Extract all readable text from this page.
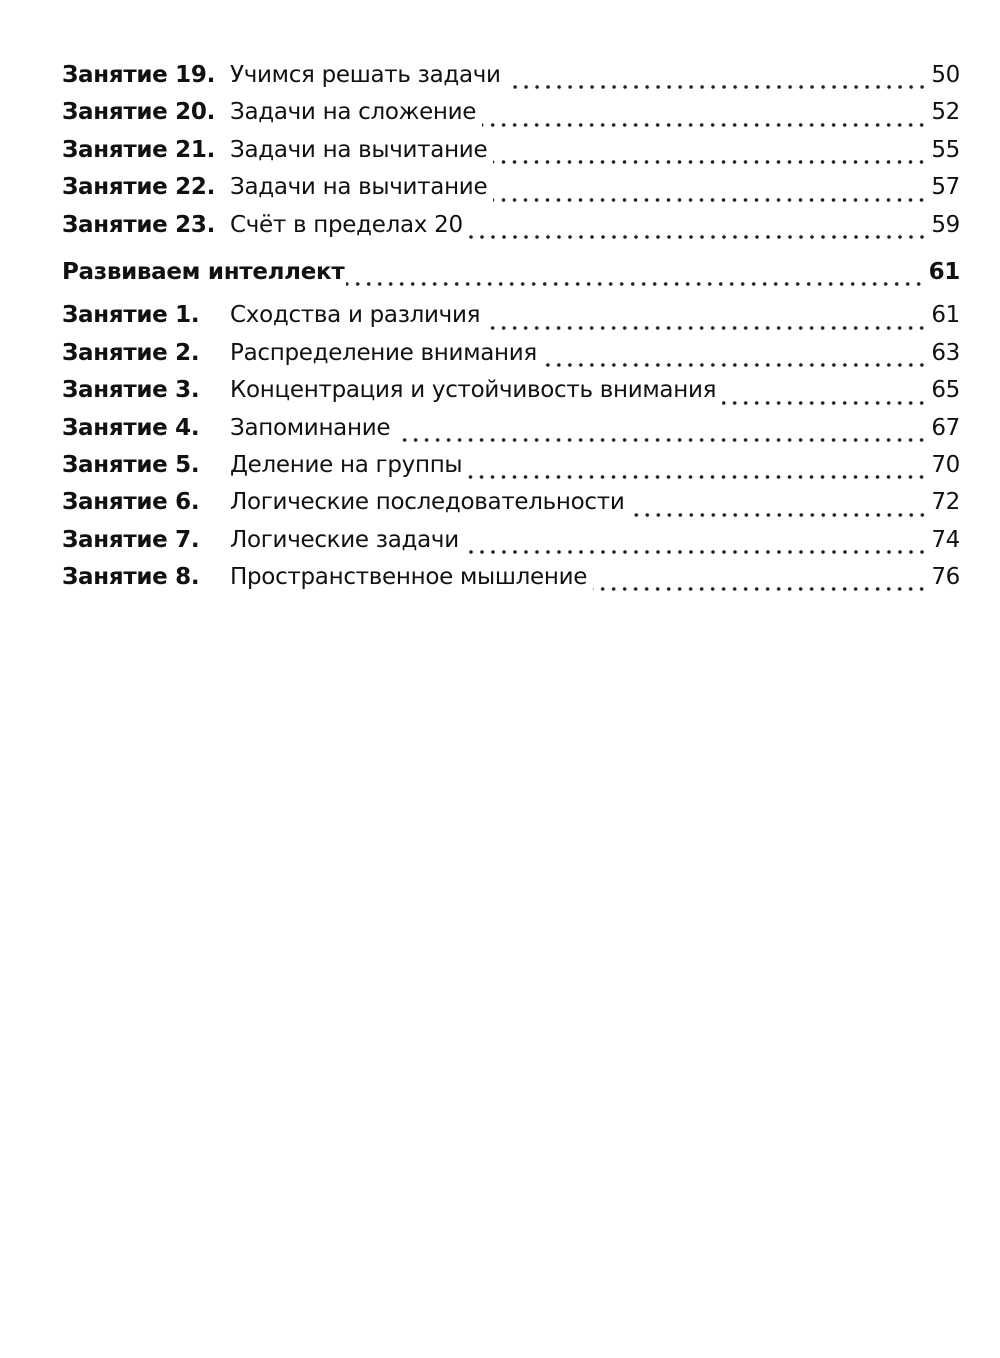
Занятие 19. Учимся решать задачи	50
Занятие 20. Задачи на сложение	52
Занятие 21. Задачи на вычитание	55
Занятие 22. Задачи на вычитание	57
Занятие 23. Счёт в пределах 20	59
Развиваем интеллект	61
Занятие 1.	Сходства и различия	61
Занятие 2.	Распределение внимания	63
Занятие 3.	Концентрация и устойчивость внимания	65
Занятие 4.	Запоминание	67
Занятие 5.	Деление на группы	70
Занятие 6.	Логические последовательности	72
Занятие 7.	Логические задачи	74
Занятие 8.	Пространственное мышление	76
